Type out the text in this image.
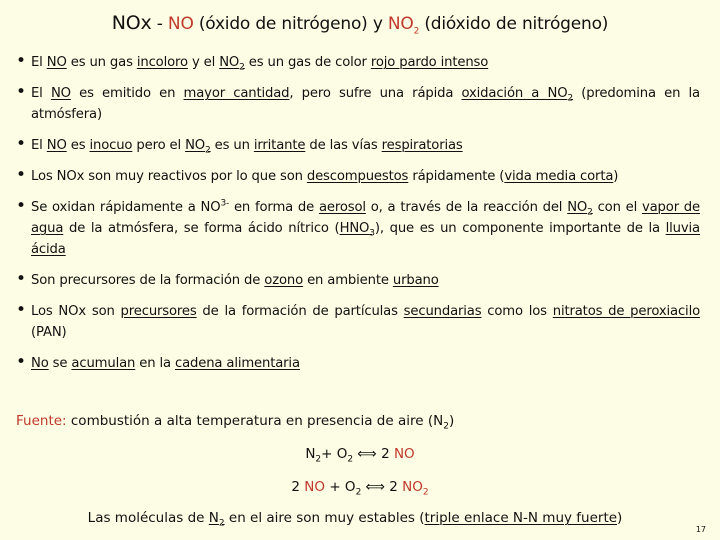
NOx - NO (óxido de nitrógeno) y $NO_2$ (dióxido de nitrógeno)
• El NO es un gas incoloro y el $NO_2$ es un gas de color rojo pardo intenso
• El NO es emitido en mayor cantidad, pero sufre una rápida oxidación a $NO_2$ (predomina en la atmósfera)
• El NO es inocuo pero el $NO_2$ es un irritante de las vías respiratorias
• Los NOx son muy reactivos por lo que son descompuestos rápidamente (vida media corta)
• Se oxidan rápidamente a $NO^{3-}$ en forma de aerosol o, a través de la reacción del $NO_2$ con el vapor de agua de la atmósfera, se forma ácido nítrico $(HNO_3)$, que es un componente importante de la lluvia ácida
• Son precursores de la formación de ozono en ambiente urbano
• Los NOx son precursores de la formación de partículas secundarias como los nitratos de peroxiacilo (PAN)
• No se acumulan en la cadena alimentaria
Fuente: combustión a alta temperatura en presencia de aire $(N_2)$
$N_2+ O_2$ ⟺ 2 NO
2 NO + $O_2$ ⟺ 2 $NO_2$
Las moléculas de $N_2$ en el aire son muy estables (triple enlace N-N muy fuerte)
17
